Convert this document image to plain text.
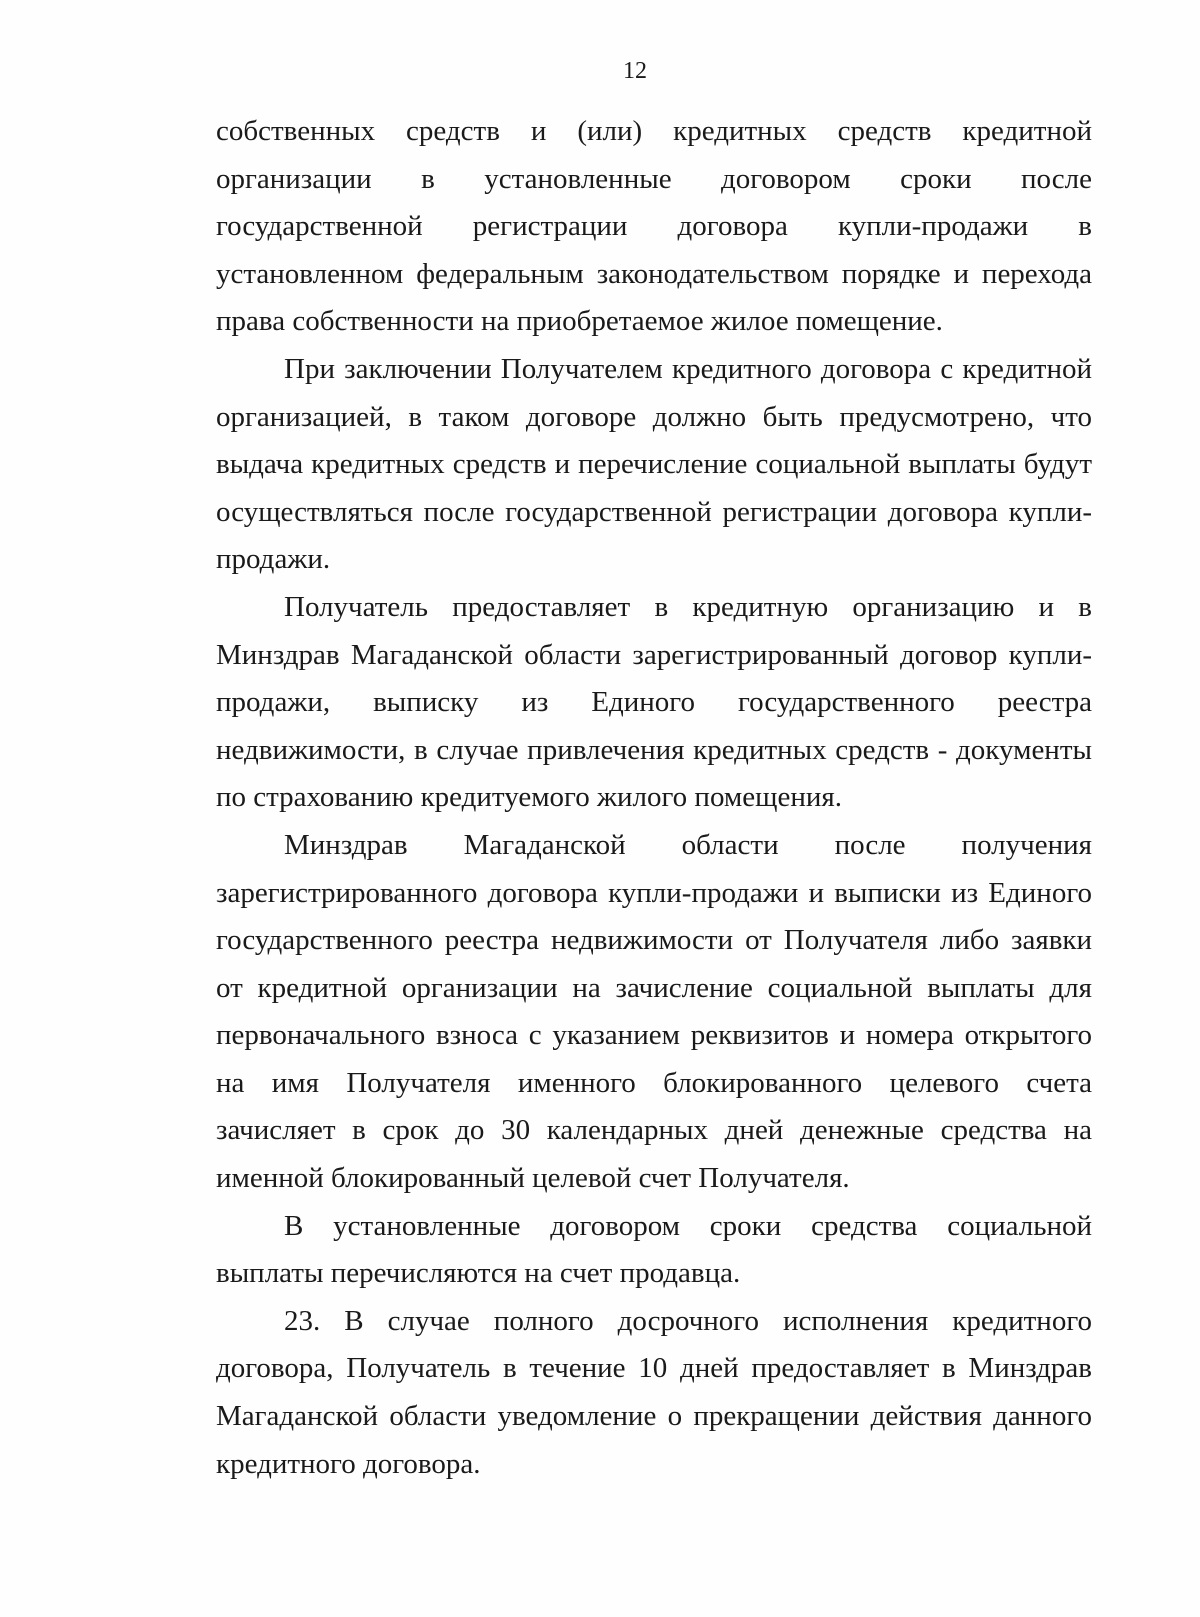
12

собственных средств и (или) кредитных средств кредитной организации в установленные договором сроки после государственной регистрации договора купли-продажи в установленном федеральным законодательством порядке и перехода права собственности на приобретаемое жилое помещение.

При заключении Получателем кредитного договора с кредитной организацией, в таком договоре должно быть предусмотрено, что выдача кредитных средств и перечисление социальной выплаты будут осуществляться после государственной регистрации договора купли-продажи.

Получатель предоставляет в кредитную организацию и в Минздрав Магаданской области зарегистрированный договор купли-продажи, выписку из Единого государственного реестра недвижимости, в случае привлечения кредитных средств - документы по страхованию кредитуемого жилого помещения.

Минздрав Магаданской области после получения зарегистрированного договора купли-продажи и выписки из Единого государственного реестра недвижимости от Получателя либо заявки от кредитной организации на зачисление социальной выплаты для первоначального взноса с указанием реквизитов и номера открытого на имя Получателя именного блокированного целевого счета зачисляет в срок до 30 календарных дней денежные средства на именной блокированный целевой счет Получателя.

В установленные договором сроки средства социальной выплаты перечисляются на счет продавца.

23. В случае полного досрочного исполнения кредитного договора, Получатель в течение 10 дней предоставляет в Минздрав Магаданской области уведомление о прекращении действия данного кредитного договора.
